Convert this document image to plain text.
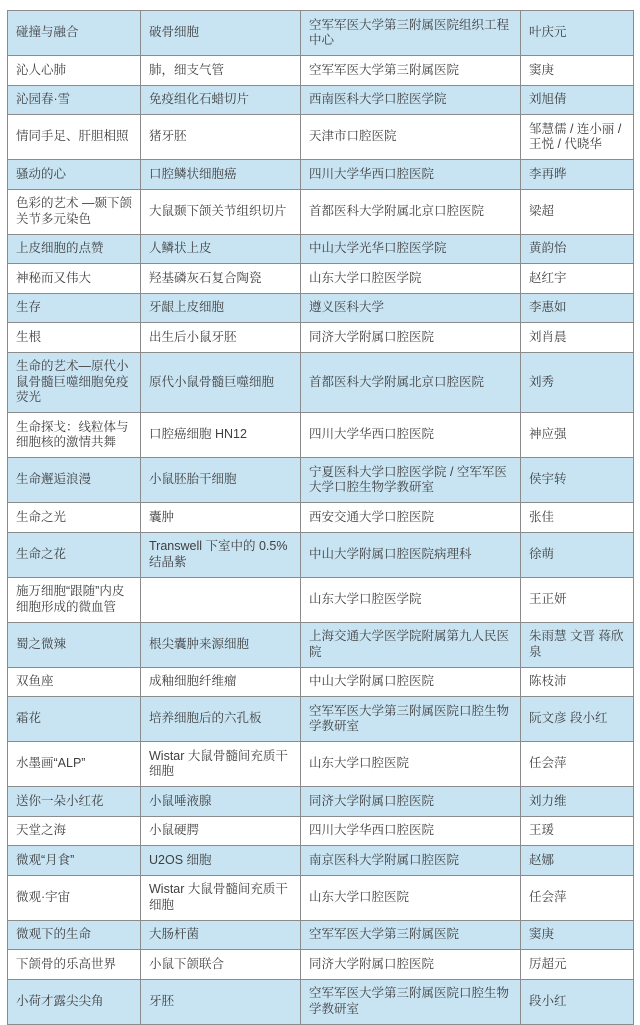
碰撞与融合	破骨细胞	空军军医大学第三附属医院组织工程中心	叶庆元
沁人心肺	肺，细支气管	空军军医大学第三附属医院	窦庚
沁园春·雪	免疫组化石蜡切片	西南医科大学口腔医学院	刘旭倩
情同手足、肝胆相照	猪牙胚	天津市口腔医院	邹慧儒 / 连小丽 / 王悦 / 代晓华
骚动的心	口腔鳞状细胞癌	四川大学华西口腔医院	李再晔
色彩的艺术 —颞下颌关节多元染色	大鼠颞下颌关节组织切片	首都医科大学附属北京口腔医院	梁超
上皮细胞的点赞	人鳞状上皮	中山大学光华口腔医学院	黄韵怡
神秘而又伟大	羟基磷灰石复合陶瓷	山东大学口腔医学院	赵红宇
生存	牙龈上皮细胞	遵义医科大学	李惠如
生根	出生后小鼠牙胚	同济大学附属口腔医院	刘肖晨
生命的艺术—原代小鼠骨髓巨噬细胞免疫荧光	原代小鼠骨髓巨噬细胞	首都医科大学附属北京口腔医院	刘秀
生命探戈：线粒体与细胞核的激情共舞	口腔癌细胞 HN12	四川大学华西口腔医院	神应强
生命邂逅浪漫	小鼠胚胎干细胞	宁夏医科大学口腔医学院 / 空军军医大学口腔生物学教研室	侯宇转
生命之光	囊肿	西安交通大学口腔医院	张佳
生命之花	Transwell 下室中的 0.5% 结晶紫	中山大学附属口腔医院病理科	徐萌
施万细胞“跟随”内皮细胞形成的微血管		山东大学口腔医学院	王正妍
蜀之微辣	根尖囊肿来源细胞	上海交通大学医学院附属第九人民医院	朱雨慧 文晋 蒋欣泉
双鱼座	成釉细胞纤维瘤	中山大学附属口腔医院	陈枝沛
霜花	培养细胞后的六孔板	空军军医大学第三附属医院口腔生物学教研室	阮文彦 段小红
水墨画“ALP”	Wistar 大鼠骨髓间充质干细胞	山东大学口腔医院	任会萍
送你一朵小红花	小鼠唾液腺	同济大学附属口腔医院	刘力维
天堂之海	小鼠硬腭	四川大学华西口腔医院	王瑗
微观“月食”	U2OS 细胞	南京医科大学附属口腔医院	赵娜
微观·宇宙	Wistar 大鼠骨髓间充质干细胞	山东大学口腔医院	任会萍
微观下的生命	大肠杆菌	空军军医大学第三附属医院	窦庚
下颌骨的乐高世界	小鼠下颌联合	同济大学附属口腔医院	厉超元
小荷才露尖尖角	牙胚	空军军医大学第三附属医院口腔生物学教研室	段小红
